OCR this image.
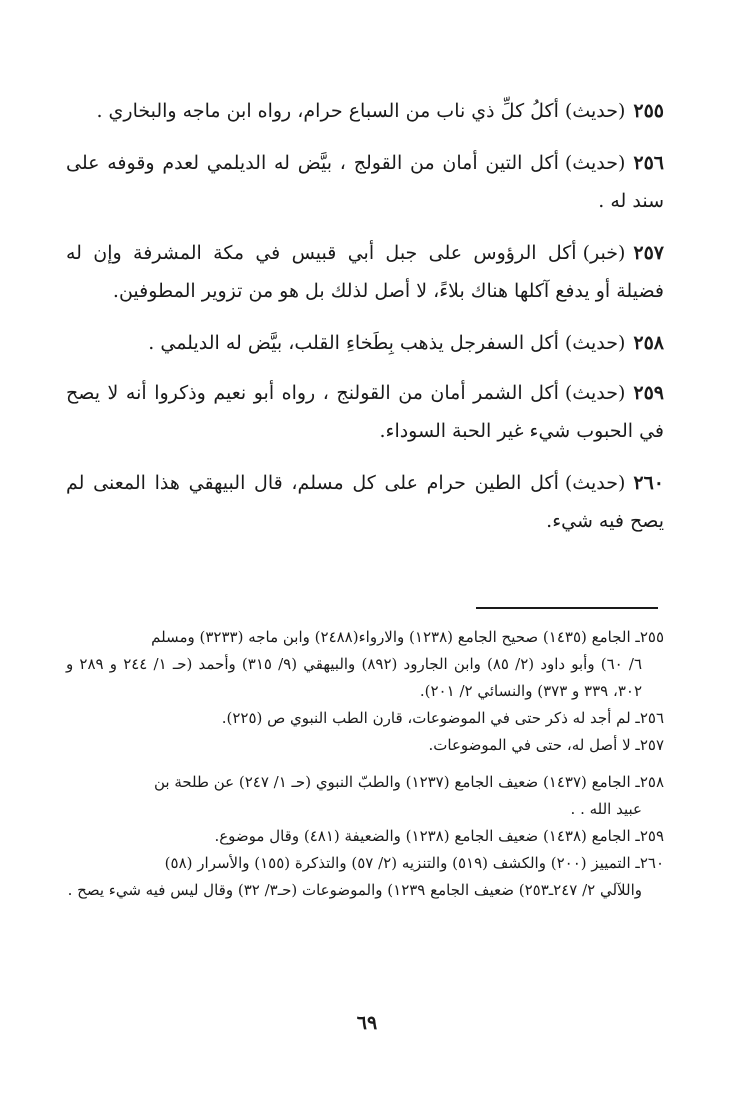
٢٥٥(حديث)أكلُ كلِّ ذي ناب من السباع حرام، رواه ابن ماجه والبخاري .

٢٥٦(حديث)أكل التين أمان من القولج ، بيَّض له الديلمي لعدم وقوفه على سند له .

٢٥٧(خبر)أكل الرؤوس على جبل أبي قبيس في مكة المشرفة وإن له فضيلة أو يدفع آكلها هناك بلاءً، لا أصل لذلك بل هو من تزوير المطوفين.

٢٥٨(حديث)أكل السفرجل يذهب بِطَخاءِ القلب، بيَّض له الديلمي .

٢٥٩(حديث)أكل الشمر أمان من القولنج ، رواه أبو نعيم وذكروا أنه لا يصح في الحبوب شيء غير الحبة السوداء.

٢٦٠(حديث)أكل الطين حرام على كل مسلم، قال البيهقي هذا المعنى لم يصح فيه شيء.

٢٥٥ـ الجامع (١٤٣٥) صحيح الجامع (١٢٣٨) والارواء(٢٤٨٨) وابن ماجه (٣٢٣٣) ومسلم
٦/ ٦٠) وأبو داود (٢/ ٨٥) وابن الجارود (٨٩٢) والبيهقي (٩/ ٣١٥) وأحمد (حـ ١/ ٢٤٤ و ٢٨٩ و ٣٠٢، ٣٣٩ و ٣٧٣) والنسائي ٢/ ٢٠١).

٢٥٦ـ لم أجد له ذكر حتى في الموضوعات، قارن الطب النبوي ص (٢٢٥).

٢٥٧ـ لا أصل له، حتى في الموضوعات.

٢٥٨ـ الجامع (١٤٣٧) ضعيف الجامع (١٢٣٧) والطبّ النبوي (حـ ١/ ٢٤٧) عن طلحة بن
عبيد الله . .

٢٥٩ـ الجامع (١٤٣٨) ضعيف الجامع (١٢٣٨) والضعيفة (٤٨١) وقال موضوع.

٢٦٠ـ التمييز (٢٠٠) والكشف (٥١٩) والتنزيه (٢/ ٥٧) والتذكرة (١٥٥) والأسرار (٥٨)
واللآلي ٢/ ٢٤٧ـ٢٥٣) ضعيف الجامع ١٢٣٩) والموضوعات (حـ٣/ ٣٢) وقال ليس فيه شيء يصح .

٦٩
